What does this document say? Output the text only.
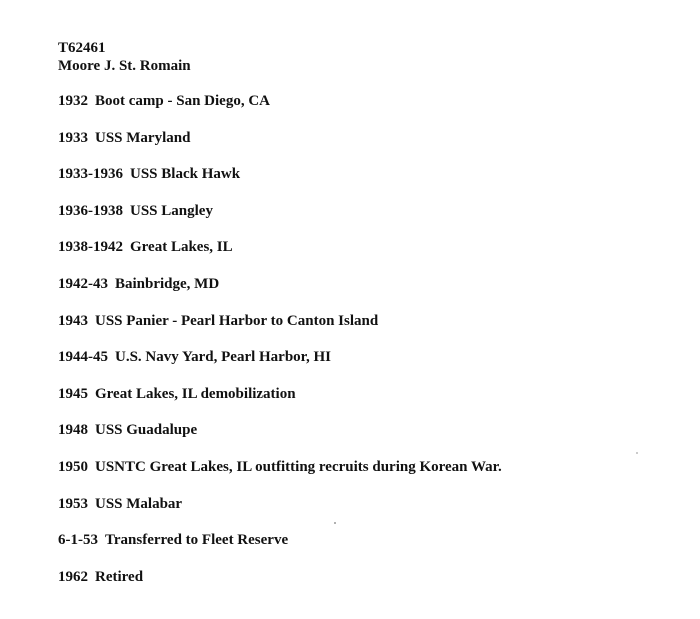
T62461
Moore J. St. Romain
1932 Boot camp - San Diego, CA
1933 USS Maryland
1933-1936 USS Black Hawk
1936-1938 USS Langley
1938-1942 Great Lakes, IL
1942-43 Bainbridge, MD
1943 USS Panier - Pearl Harbor to Canton Island
1944-45 U.S. Navy Yard, Pearl Harbor, HI
1945 Great Lakes, IL demobilization
1948 USS Guadalupe
1950 USNTC Great Lakes, IL outfitting recruits during Korean War.
1953 USS Malabar
6-1-53 Transferred to Fleet Reserve
1962 Retired
